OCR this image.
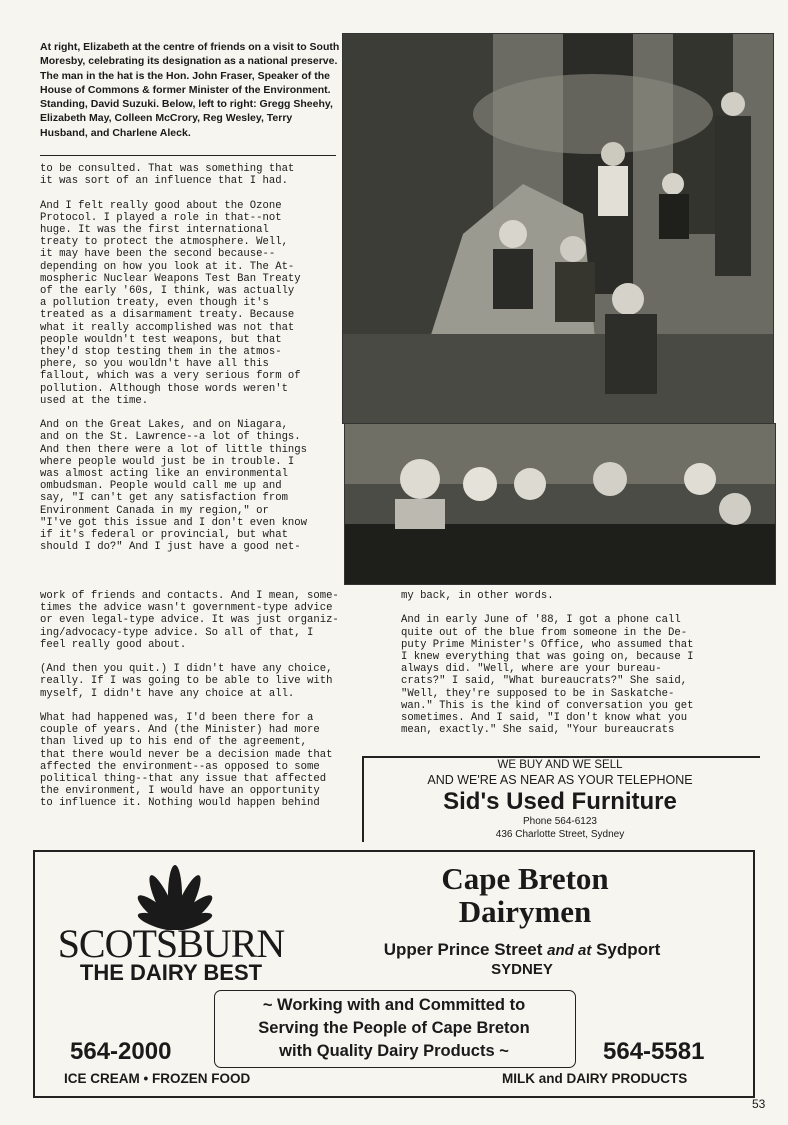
At right, Elizabeth at the centre of friends on a visit to South Moresby, celebrating its designation as a national preserve. The man in the hat is the Hon. John Fraser, Speaker of the House of Commons & former Minister of the Environment. Standing, David Suzuki. Below, left to right: Gregg Sheehy, Elizabeth May, Colleen McCrory, Reg Wesley, Terry Husband, and Charlene Aleck.
to be consulted. That was something that
it was sort of an influence that I had.

And I felt really good about the Ozone
Protocol. I played a role in that--not
huge. It was the first international
treaty to protect the atmosphere. Well,
it may have been the second because--
depending on how you look at it. The At-
mospheric Nuclear Weapons Test Ban Treaty
of the early '60s, I think, was actually
a pollution treaty, even though it's
treated as a disarmament treaty. Because
what it really accomplished was not that
people wouldn't test weapons, but that
they'd stop testing them in the atmos-
phere, so you wouldn't have all this
fallout, which was a very serious form of
pollution. Although those words weren't
used at the time.

And on the Great Lakes, and on Niagara,
and on the St. Lawrence--a lot of things.
And then there were a lot of little things
where people would just be in trouble. I
was almost acting like an environmental
ombudsman. People would call me up and
say, "I can't get any satisfaction from
Environment Canada in my region," or
"I've got this issue and I don't even know
if it's federal or provincial, but what
should I do?" And I just have a good net-
work of friends and contacts. And I mean, some-
times the advice wasn't government-type advice
or even legal-type advice. It was just organiz-
ing/advocacy-type advice. So all of that, I
feel really good about.

(And then you quit.) I didn't have any choice,
really. If I was going to be able to live with
myself, I didn't have any choice at all.

What had happened was, I'd been there for a
couple of years. And (the Minister) had more
than lived up to his end of the agreement,
that there would never be a decision made that
affected the environment--as opposed to some
political thing--that any issue that affected
the environment, I would have an opportunity
to influence it. Nothing would happen behind
my back, in other words.

And in early June of '88, I got a phone call
quite out of the blue from someone in the De-
puty Prime Minister's Office, who assumed that
I knew everything that was going on, because I
always did. "Well, where are your bureau-
crats?" I said, "What bureaucrats?" She said,
"Well, they're supposed to be in Saskatche-
wan." This is the kind of conversation you get
sometimes. And I said, "I don't know what you
mean, exactly." She said, "Your bureaucrats
WE BUY AND WE SELL
AND WE'RE AS NEAR AS YOUR TELEPHONE
Sid's Used Furniture
Phone 564-6123
436 Charlotte Street, Sydney
SCOTSBURN
THE DAIRY BEST
Cape Breton
Dairymen
Upper Prince Street and at Sydport
SYDNEY
~ Working with and Committed to
Serving the People of Cape Breton
with Quality Dairy Products ~
564-2000	564-5581
ICE CREAM • FROZEN FOOD	MILK and DAIRY PRODUCTS
53
